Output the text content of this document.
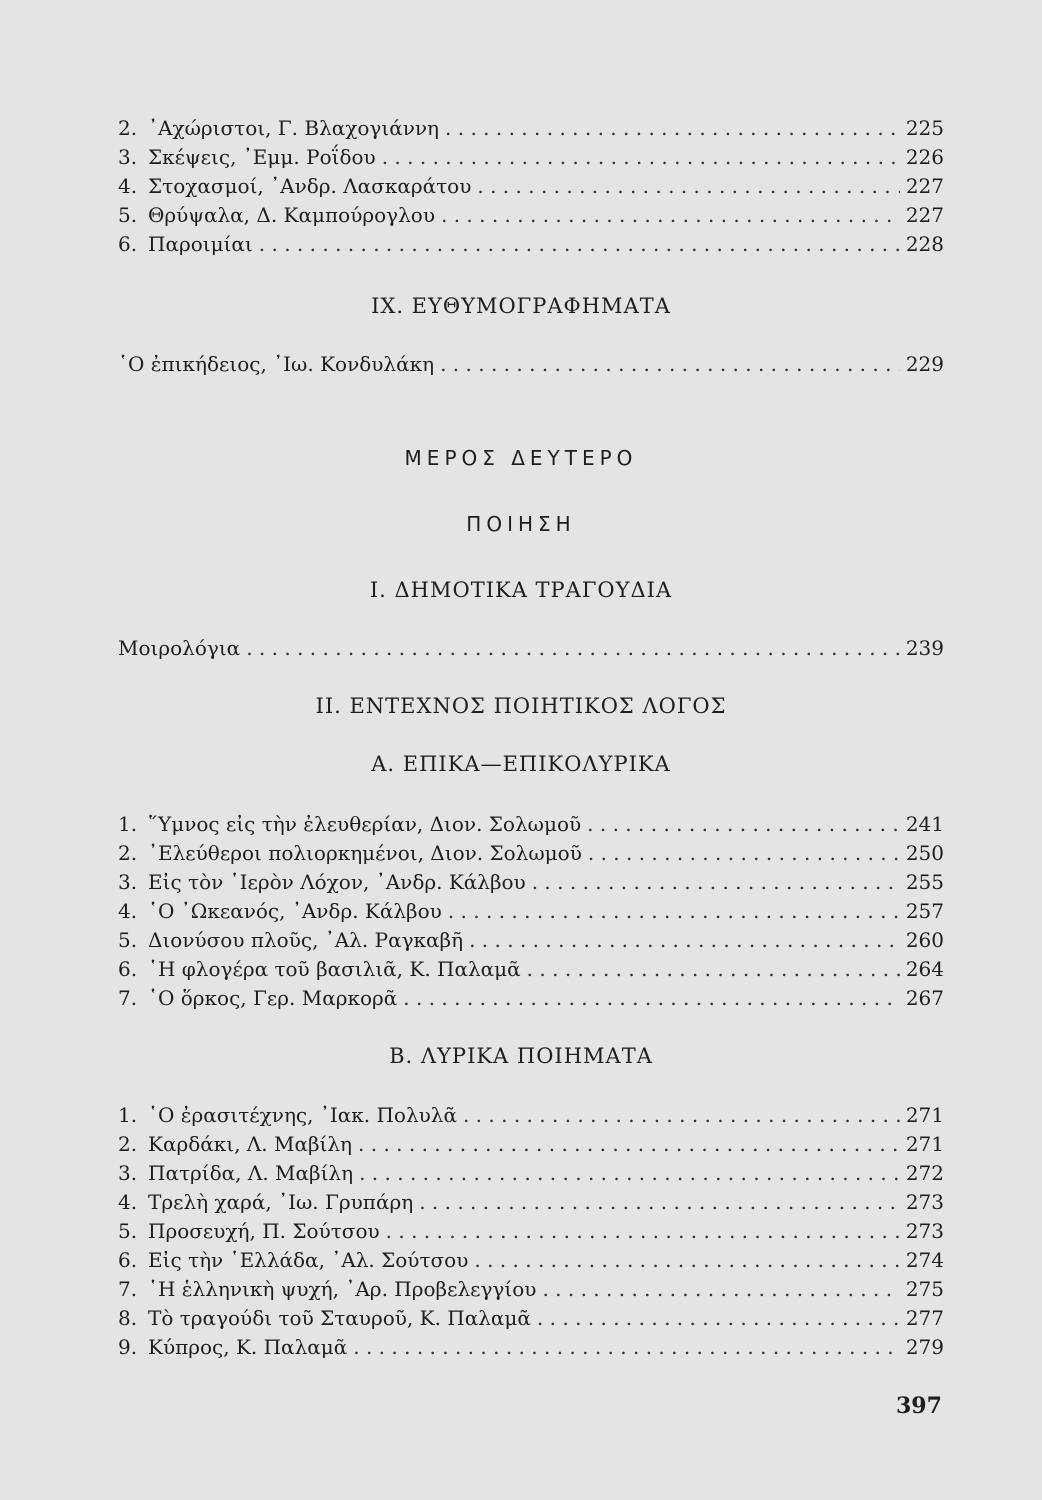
2. ᾿Αχώριστοι, Γ. Βλαχογιάννη . . .	225
3. Σκέψεις, ᾿Εμμ. Ροΐδου . . .	226
4. Στοχασμοί, ᾿Ανδρ. Λασκαράτου . . .	227
5. Θρύψαλα, Δ. Καμπούρογλου . . .	227
6. Παροιμίαι . . .	228
IX. ΕΥΘΥΜΟΓΡΑΦΗΜΑΤΑ
῾Ο ἐπικήδειος, ᾿Ιω. Κονδυλάκη . . .	229
ΜΕΡΟΣ ΔΕΥΤΕΡΟ
ΠΟΙΗΣΗ
I. ΔΗΜΟΤΙΚΑ ΤΡΑΓΟΥΔΙΑ
Μοιρολόγια . . .	239
II. ΕΝΤΕΧΝΟΣ ΠΟΙΗΤΙΚΟΣ ΛΟΓΟΣ
Α. ΕΠΙΚΑ—ΕΠΙΚΟΛΥΡΙΚΑ
1. ῞Υμνος εἰς τὴν ἐλευθερίαν, Διον. Σολωμοῦ . . .	241
2. ᾿Ελεύθεροι πολιορκημένοι, Διον. Σολωμοῦ . . .	250
3. Εἰς τὸν ῾Ιερὸν Λόχον, ᾿Ανδρ. Κάλβου . . .	255
4. ῾Ο ᾿Ωκεανός, ᾿Ανδρ. Κάλβου . . .	257
5. Διονύσου πλοῦς, ᾿Αλ. Ραγκαβῆ . . .	260
6. ῾Η φλογέρα τοῦ βασιλιᾶ, Κ. Παλαμᾶ . . .	264
7. ῾Ο ὅρκος, Γερ. Μαρκορᾶ . . .	267
Β. ΛΥΡΙΚΑ ΠΟΙΗΜΑΤΑ
1. ῾Ο ἐρασιτέχνης, ᾿Ιακ. Πολυλᾶ . . .	271
2. Καρδάκι, Λ. Μαβίλη . . .	271
3. Πατρίδα, Λ. Μαβίλη . . .	272
4. Τρελὴ χαρά, ᾿Ιω. Γρυπάρη . . .	273
5. Προσευχή, Π. Σούτσου . . .	273
6. Εἰς τὴν ῾Ελλάδα, ᾿Αλ. Σούτσου . . .	274
7. ῾Η ἑλληνικὴ ψυχή, ᾿Αρ. Προβελεγγίου . . .	275
8. Τὸ τραγούδι τοῦ Σταυροῦ, Κ. Παλαμᾶ . . .	277
9. Κύπρος, Κ. Παλαμᾶ . . .	279
397
